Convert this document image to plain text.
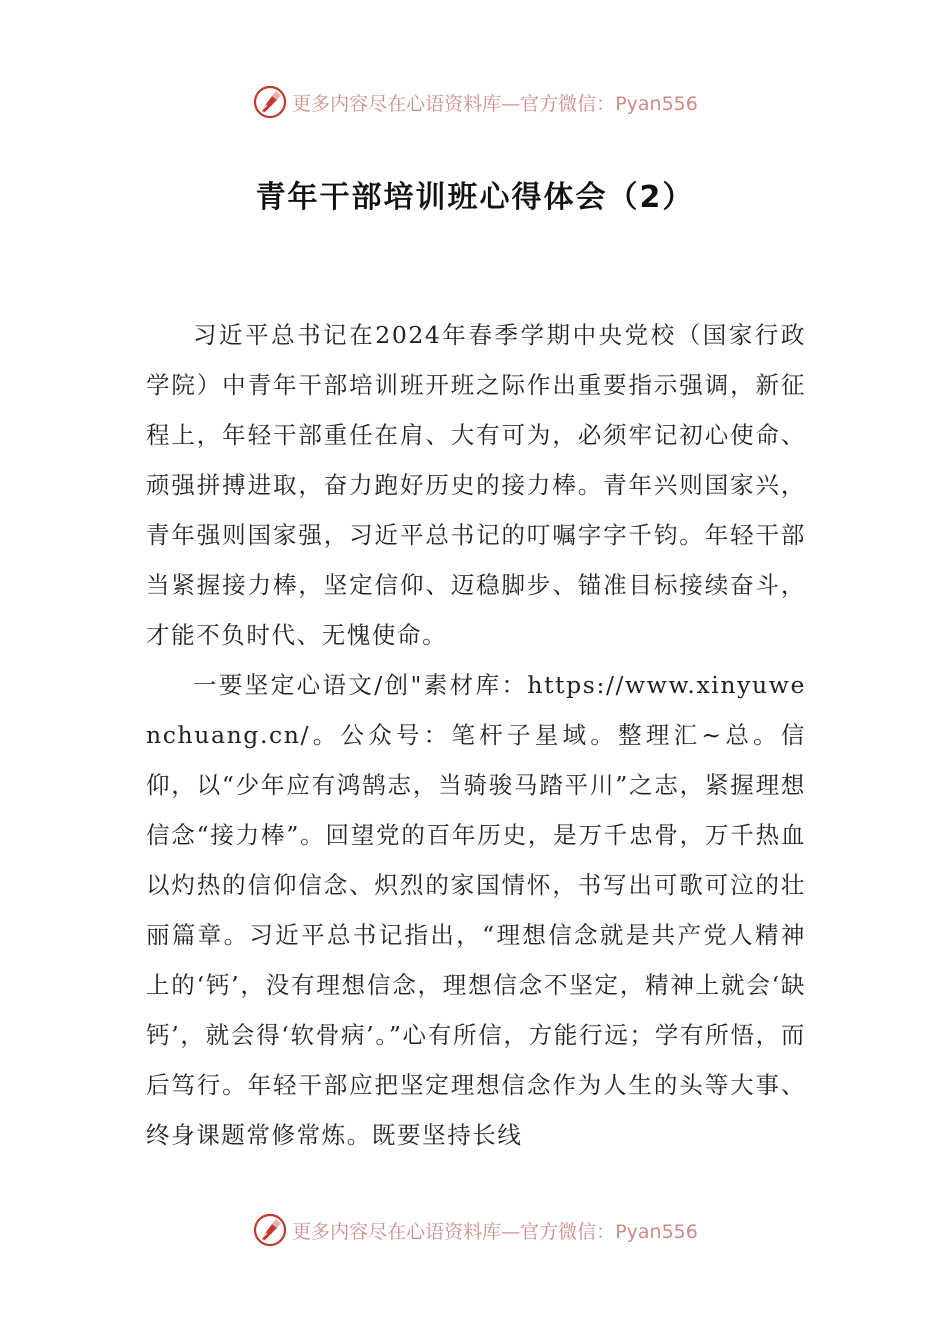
更多内容尽在心语资料库—官方微信：Pyan556
青年干部培训班心得体会（2）

习近平总书记在2024年春季学期中央党校（国家行政学院）中青年干部培训班开班之际作出重要指示强调，新征程上，年轻干部重任在肩、大有可为，必须牢记初心使命、顽强拼搏进取，奋力跑好历史的接力棒。青年兴则国家兴，青年强则国家强，习近平总书记的叮嘱字字千钧。年轻干部当紧握接力棒，坚定信仰、迈稳脚步、锚准目标接续奋斗，才能不负时代、无愧使命。

一要坚定心语文/创"素材库：https://www.xinyuwenchuang.cn/。公众号：笔杆子星域。整理汇~总。信仰，以“少年应有鸿鹄志，当骑骏马踏平川”之志，紧握理想信念“接力棒”。回望党的百年历史，是万千忠骨，万千热血以灼热的信仰信念、炽烈的家国情怀，书写出可歌可泣的壮丽篇章。习近平总书记指出，“理想信念就是共产党人精神上的‘钙’，没有理想信念，理想信念不坚定，精神上就会‘缺钙’，就会得‘软骨病’。”心有所信，方能行远；学有所悟，而后笃行。年轻干部应把坚定理想信念作为人生的头等大事、终身课题常修常炼。既要坚持长线

更多内容尽在心语资料库—官方微信：Pyan556
